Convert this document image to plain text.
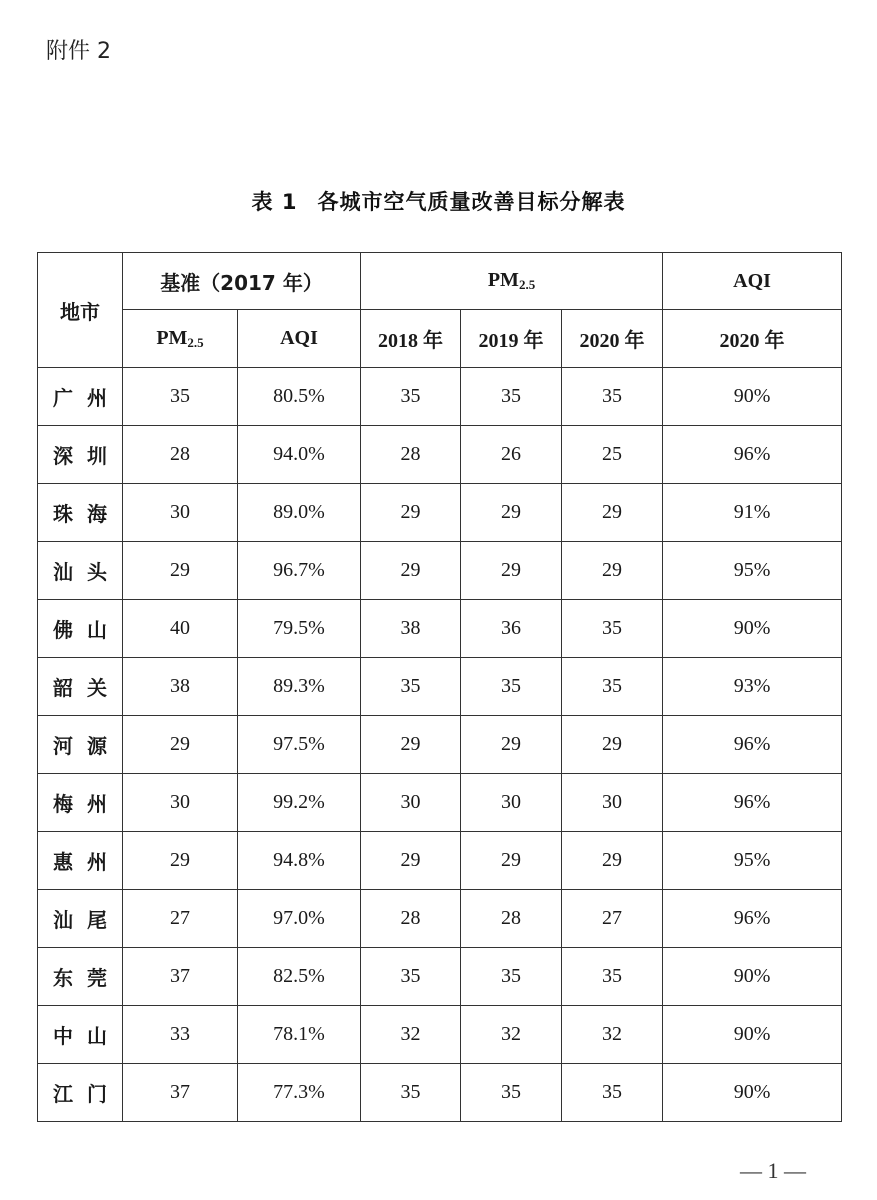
附件 2
表 1 各城市空气质量改善目标分解表
地市	基准（2017 年）		$PM_{2.5}$			AQI
	$PM_{2.5}$	AQI	2018 年	2019 年	2020 年	2020 年
广州	35	80.5%	35	35	35	90%
深圳	28	94.0%	28	26	25	96%
珠海	30	89.0%	29	29	29	91%
汕头	29	96.7%	29	29	29	95%
佛山	40	79.5%	38	36	35	90%
韶关	38	89.3%	35	35	35	93%
河源	29	97.5%	29	29	29	96%
梅州	30	99.2%	30	30	30	96%
惠州	29	94.8%	29	29	29	95%
汕尾	27	97.0%	28	28	27	96%
东莞	37	82.5%	35	35	35	90%
中山	33	78.1%	32	32	32	90%
江门	37	77.3%	35	35	35	90%
— 1 —
